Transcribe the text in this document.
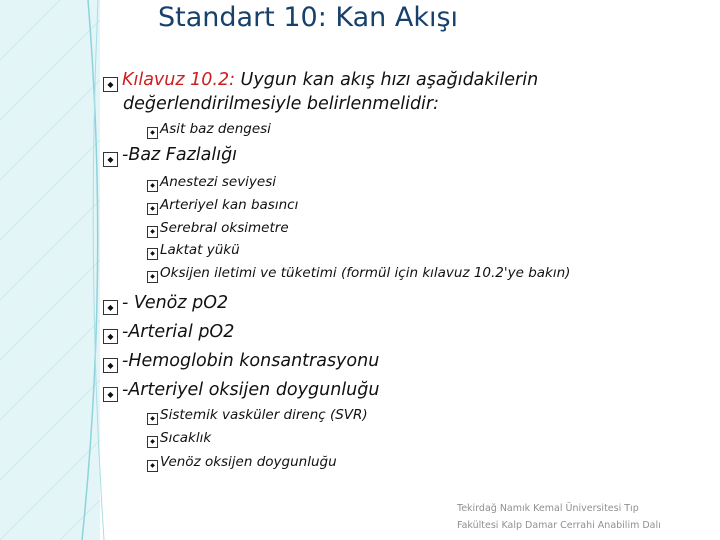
Standart 10: Kan Akışı
◆ Kılavuz 10.2: Uygun kan akış hızı aşağıdakilerin
değerlendirilmesiyle belirlenmelidir:
◆ Asit baz dengesi
◆ -Baz Fazlalığı
◆ Anestezi seviyesi
◆ Arteriyel kan basıncı
◆ Serebral oksimetre
◆ Laktat yükü
◆ Oksijen iletimi ve tüketimi (formül için kılavuz 10.2'ye bakın)
◆ - Venöz pO2
◆ -Arterial pO2
◆ -Hemoglobin konsantrasyonu
◆ -Arteriyel oksijen doygunluğu
◆ Sistemik vasküler direnç (SVR)
◆ Sıcaklık
◆ Venöz oksijen doygunluğu
Tekirdağ Namık Kemal Üniversitesi Tıp
Fakültesi Kalp Damar Cerrahi Anabilim Dalı
